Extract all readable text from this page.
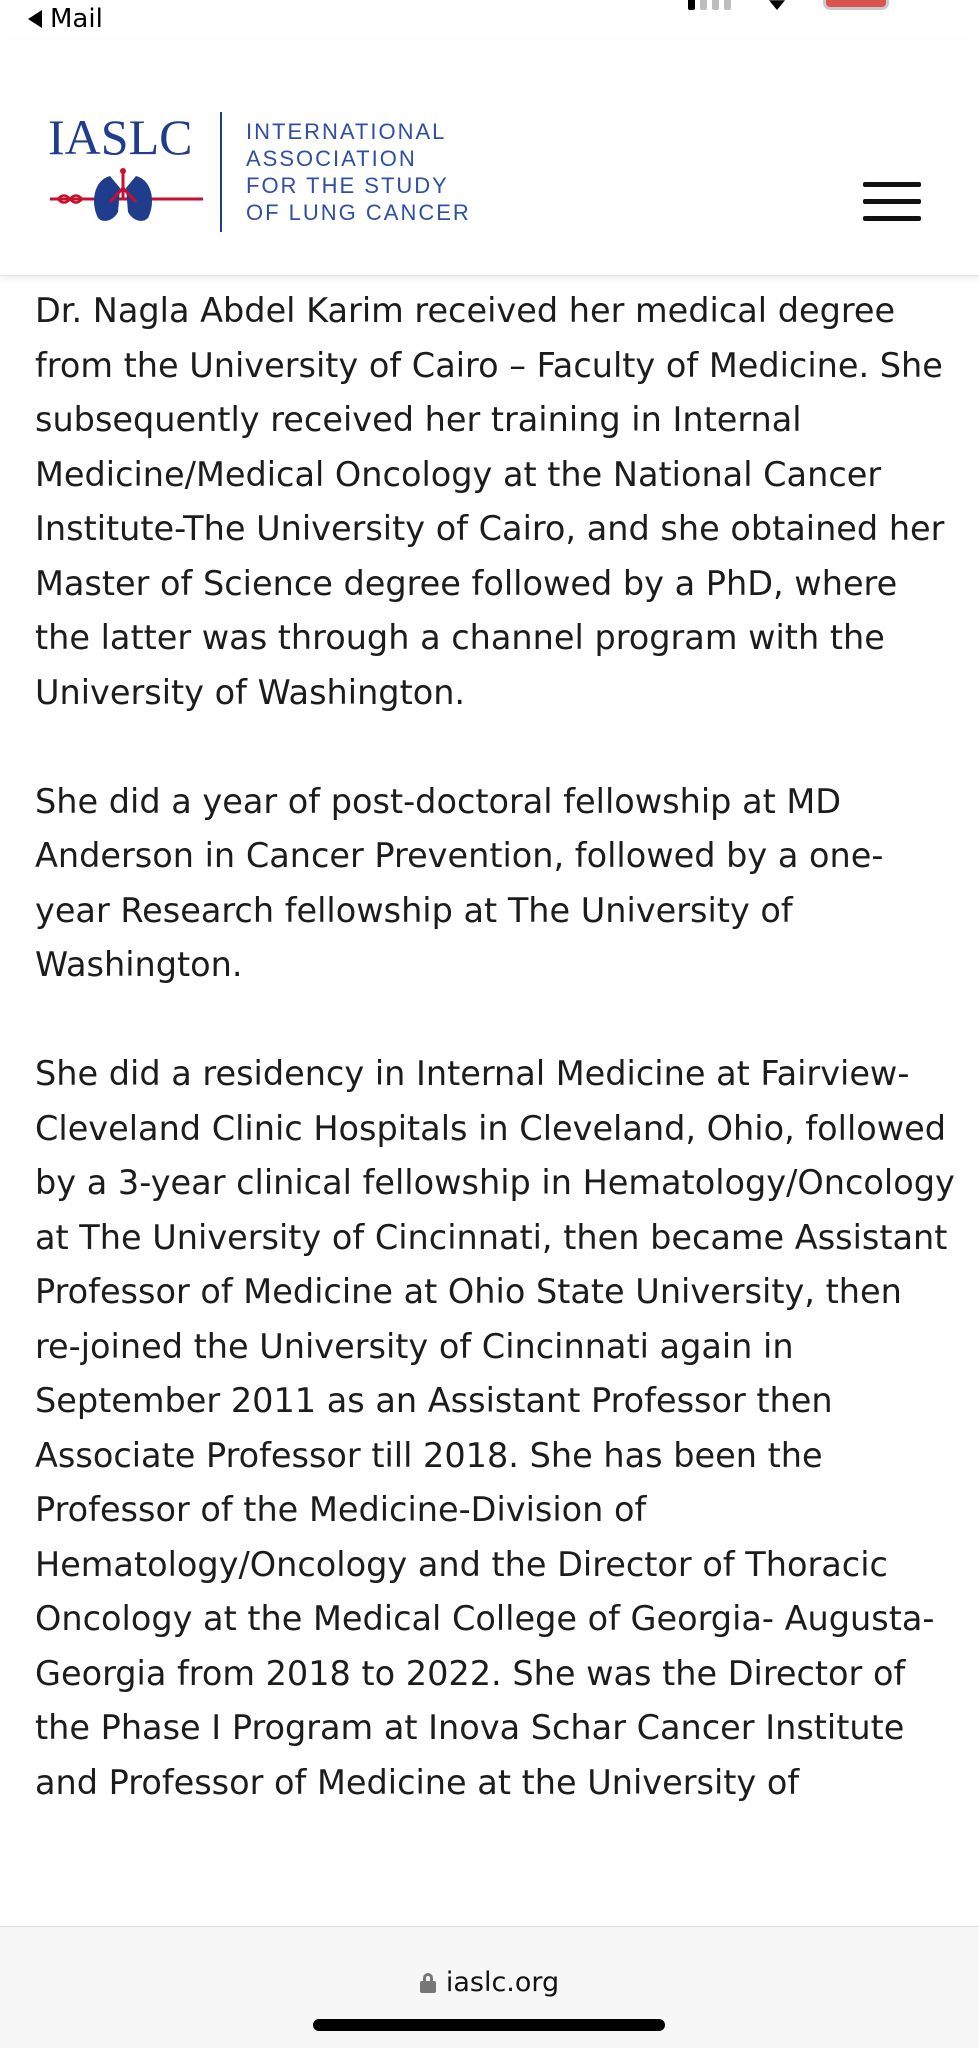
Mail
IASLC INTERNATIONAL
ASSOCIATION
FOR THE STUDY
OF LUNG CANCER

Dr. Nagla Abdel Karim received her medical degree from the University of Cairo – Faculty of Medicine. She subsequently received her training in Internal Medicine/Medical Oncology at the National Cancer Institute-The University of Cairo, and she obtained her Master of Science degree followed by a PhD, where the latter was through a channel program with the University of Washington.

She did a year of post-doctoral fellowship at MD Anderson in Cancer Prevention, followed by a one-year Research fellowship at The University of Washington.

She did a residency in Internal Medicine at Fairview-Cleveland Clinic Hospitals in Cleveland, Ohio, followed by a 3-year clinical fellowship in Hematology/Oncology at The University of Cincinnati, then became Assistant Professor of Medicine at Ohio State University, then re-joined the University of Cincinnati again in September 2011 as an Assistant Professor then Associate Professor till 2018. She has been the Professor of the Medicine-Division of Hematology/Oncology and the Director of Thoracic Oncology at the Medical College of Georgia- Augusta-Georgia from 2018 to 2022. She was the Director of the Phase I Program at Inova Schar Cancer Institute and Professor of Medicine at the University of

iaslc.org
